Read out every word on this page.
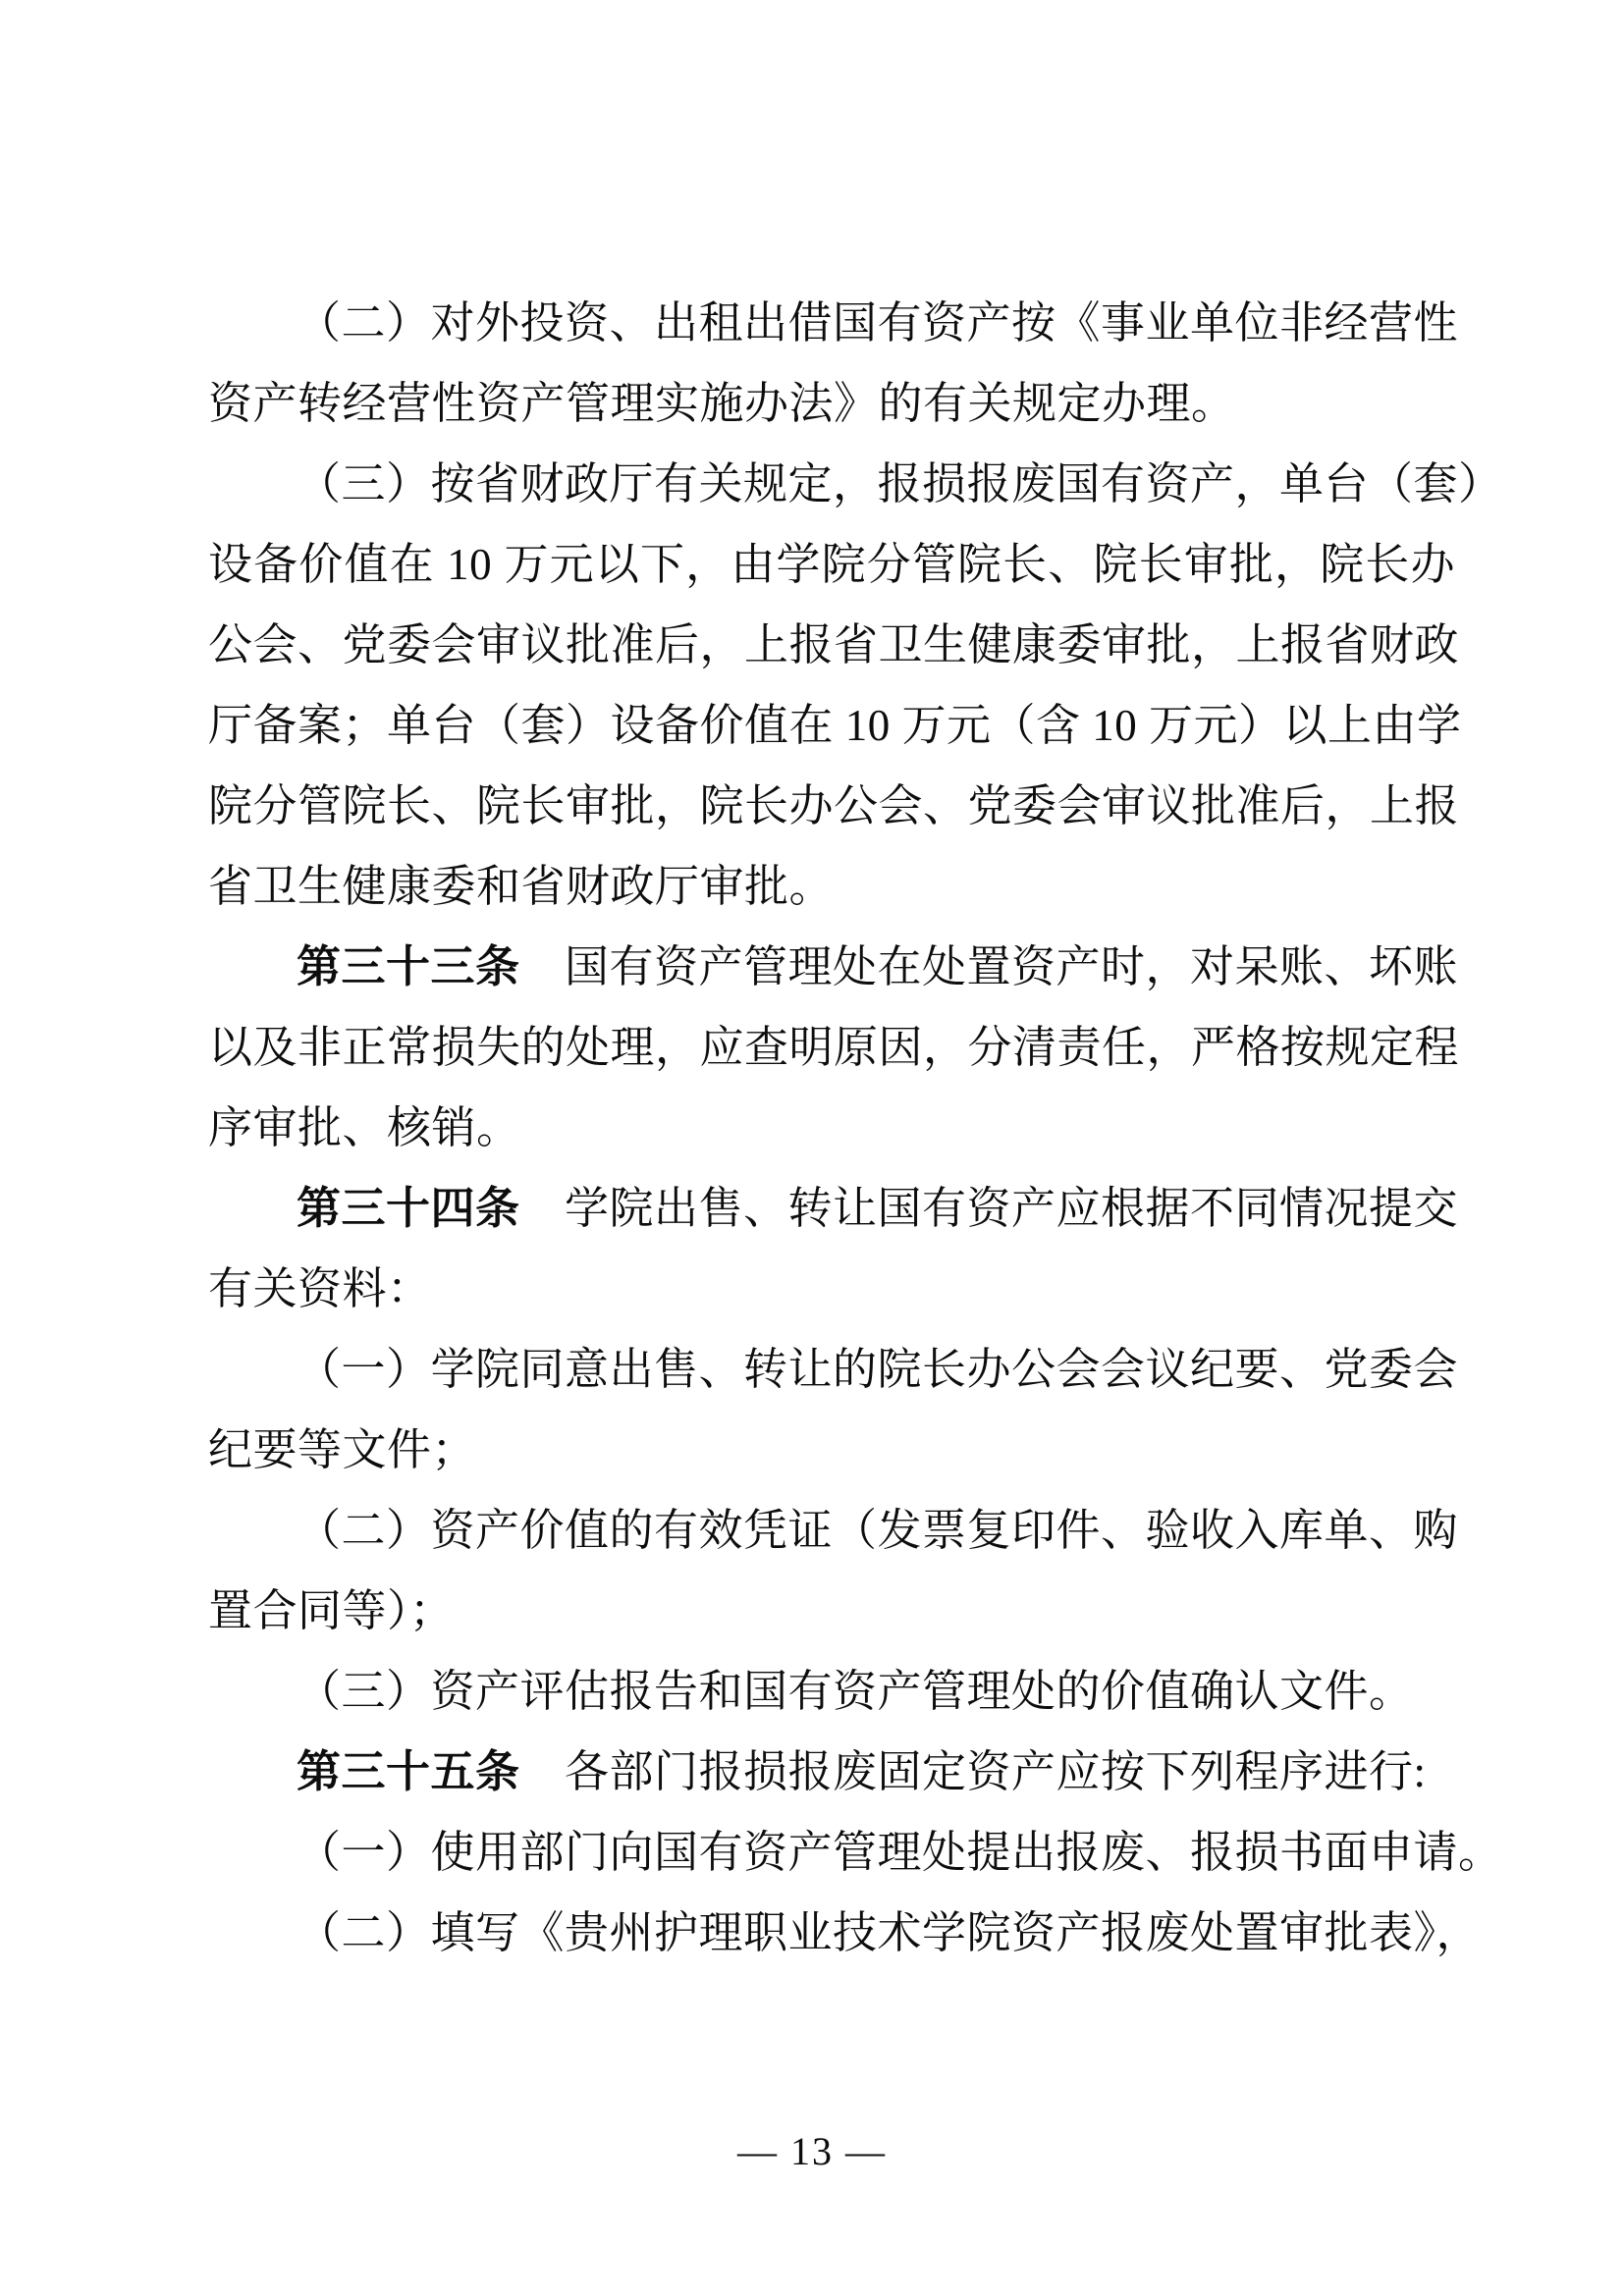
（二）对外投资、出租出借国有资产按《事业单位非经营性
资产转经营性资产管理实施办法》的有关规定办理。
（三）按省财政厅有关规定，报损报废国有资产，单台（套）
设备价值在 10 万元以下，由学院分管院长、院长审批，院长办
公会、党委会审议批准后，上报省卫生健康委审批，上报省财政
厅备案；单台（套）设备价值在 10 万元（含 10 万元）以上由学
院分管院长、院长审批，院长办公会、党委会审议批准后，上报
省卫生健康委和省财政厅审批。
第三十三条　国有资产管理处在处置资产时，对呆账、坏账
以及非正常损失的处理，应查明原因，分清责任，严格按规定程
序审批、核销。
第三十四条　学院出售、转让国有资产应根据不同情况提交
有关资料：
（一）学院同意出售、转让的院长办公会会议纪要、党委会
纪要等文件；
（二）资产价值的有效凭证（发票复印件、验收入库单、购
置合同等）；
（三）资产评估报告和国有资产管理处的价值确认文件。
第三十五条　各部门报损报废固定资产应按下列程序进行:
（一）使用部门向国有资产管理处提出报废、报损书面申请。
（二）填写《贵州护理职业技术学院资产报废处置审批表》，
— 13 —
